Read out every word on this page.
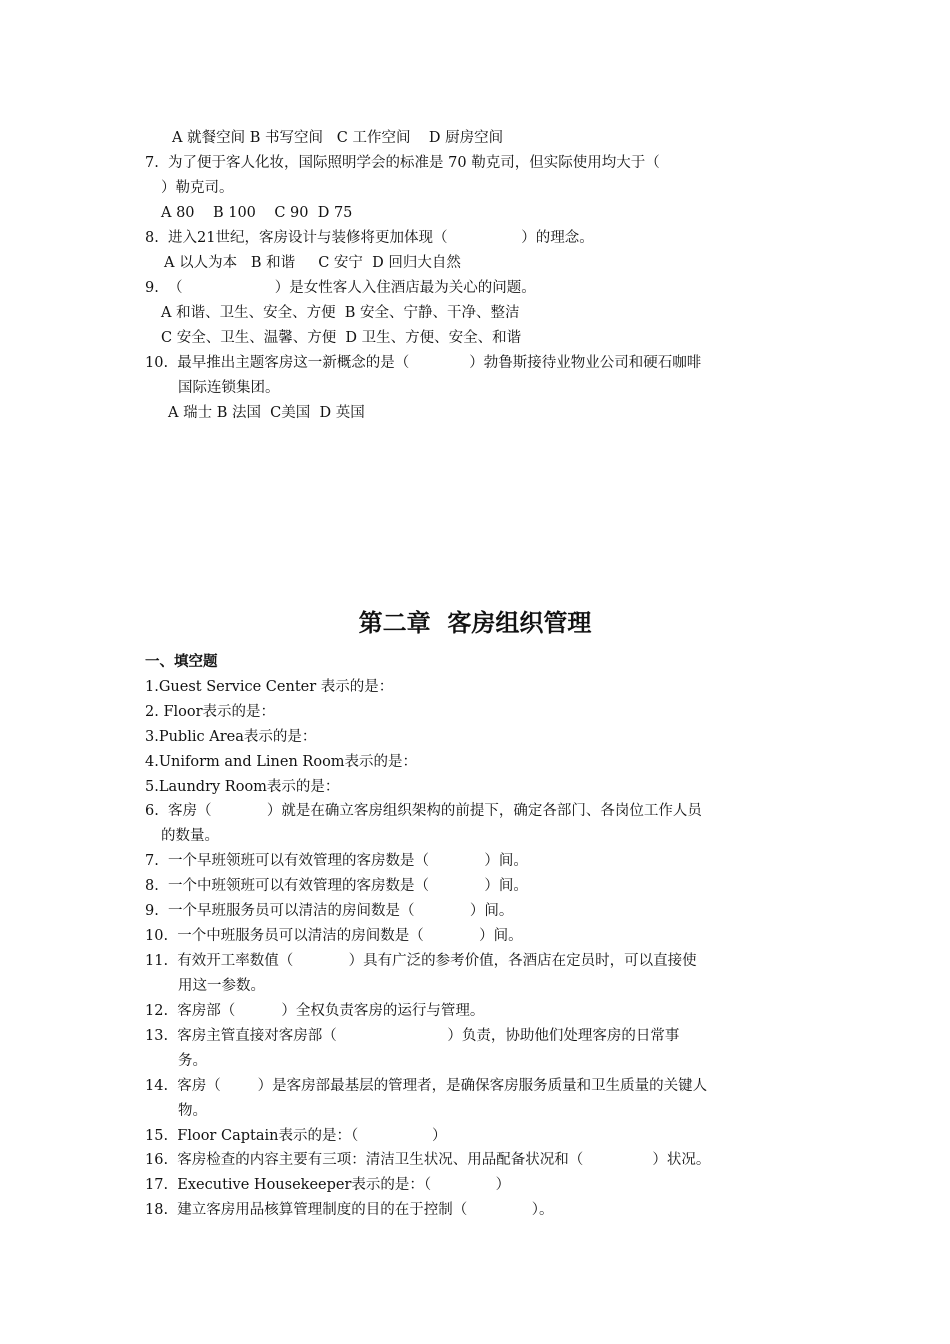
A 就餐空间 B 书写空间   C 工作空间    D 厨房空间
7.  为了便于客人化妆，国际照明学会的标准是 70 勒克司，但实际使用均大于（
）勒克司。
A 80    B 100    C 90  D 75
8.  进入21世纪，客房设计与装修将更加体现（                ）的理念。
A 以人为本   B 和谐     C 安宁  D 回归大自然
9.  （                    ）是女性客人入住酒店最为关心的问题。
A 和谐、卫生、安全、方便  B 安全、宁静、干净、整洁
C 安全、卫生、温馨、方便  D 卫生、方便、安全、和谐
10.  最早推出主题客房这一新概念的是（             ）勃鲁斯接待业物业公司和硬石咖啡
国际连锁集团。
A 瑞士 B 法国  C美国  D 英国
第二章  客房组织管理
一、填空题
1.Guest Service Center 表示的是：
2. Floor表示的是：
3.Public Area表示的是：
4.Uniform and Linen Room表示的是：
5.Laundry Room表示的是：
6.  客房（            ）就是在确立客房组织架构的前提下，确定各部门、各岗位工作人员
的数量。
7.  一个早班领班可以有效管理的客房数是（            ）间。
8.  一个中班领班可以有效管理的客房数是（            ）间。
9.  一个早班服务员可以清洁的房间数是（            ）间。
10.  一个中班服务员可以清洁的房间数是（            ）间。
11.  有效开工率数值（            ）具有广泛的参考价值，各酒店在定员时，可以直接使
用这一参数。
12.  客房部（          ）全权负责客房的运行与管理。
13.  客房主管直接对客房部（                        ）负责，协助他们处理客房的日常事
务。
14.  客房（        ）是客房部最基层的管理者，是确保客房服务质量和卫生质量的关键人
物。
15.  Floor Captain表示的是：（                ）
16.  客房检查的内容主要有三项：清洁卫生状况、用品配备状况和（               ）状况。
17.  Executive Housekeeper表示的是：（              ）
18.  建立客房用品核算管理制度的目的在于控制（              ）。
